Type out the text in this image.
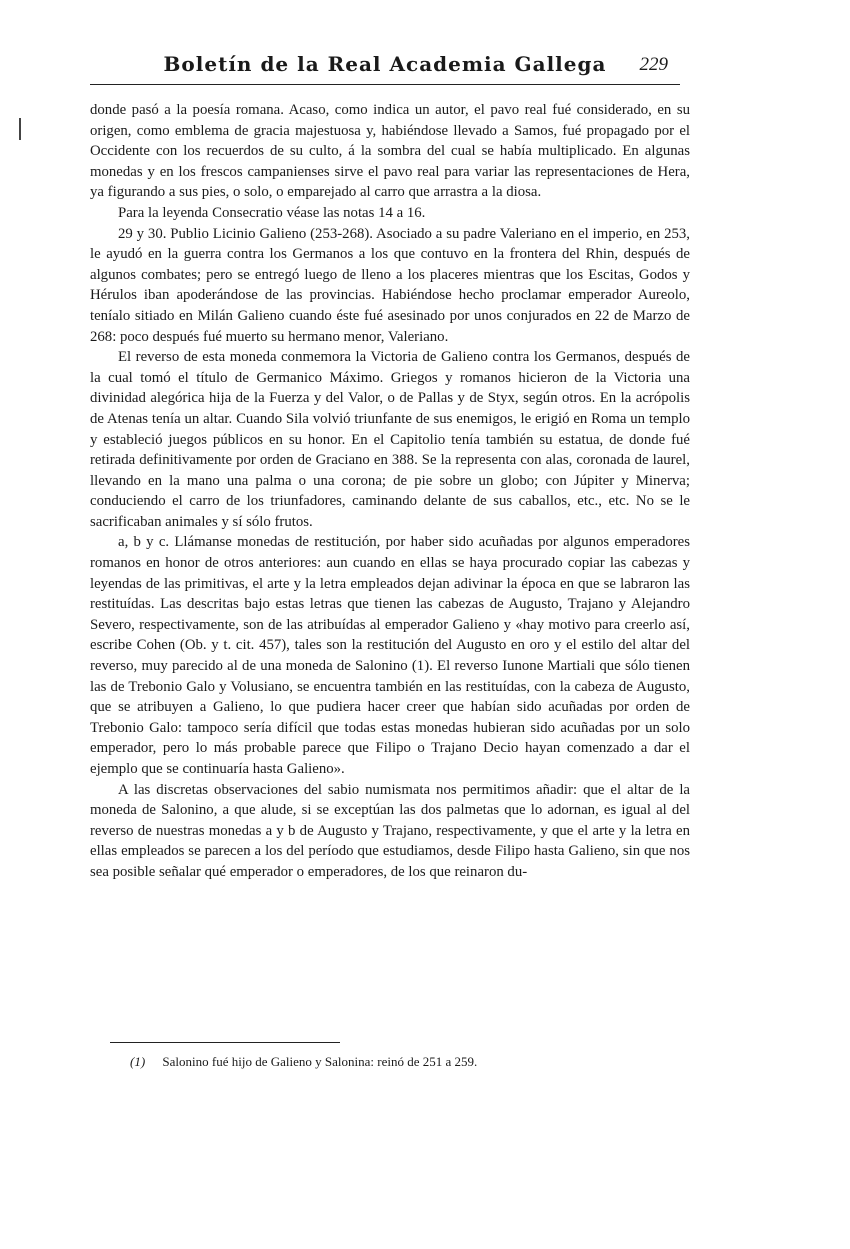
Boletín de la Real Academia Gallega	229

donde pasó a la poesía romana. Acaso, como indica un autor, el pavo real fué considerado, en su origen, como emblema de gracia majestuosa y, habiéndose llevado a Samos, fué propagado por el Occidente con los recuerdos de su culto, á la sombra del cual se había multiplicado. En algunas monedas y en los frescos campanienses sirve el pavo real para variar las representaciones de Hera, ya figurando a sus pies, o solo, o emparejado al carro que arrastra a la diosa.

Para la leyenda Consecratio véase las notas 14 a 16.

29 y 30. Publio Licinio Galieno (253-268). Asociado a su padre Valeriano en el imperio, en 253, le ayudó en la guerra contra los Germanos a los que contuvo en la frontera del Rhin, después de algunos combates; pero se entregó luego de lleno a los placeres mientras que los Escitas, Godos y Hérulos iban apoderándose de las provincias. Habiéndose hecho proclamar emperador Aureolo, teníalo sitiado en Milán Galieno cuando éste fué asesinado por unos conjurados en 22 de Marzo de 268: poco después fué muerto su hermano menor, Valeriano.

El reverso de esta moneda conmemora la Victoria de Galieno contra los Germanos, después de la cual tomó el título de Germanico Máximo. Griegos y romanos hicieron de la Victoria una divinidad alegórica hija de la Fuerza y del Valor, o de Pallas y de Styx, según otros. En la acrópolis de Atenas tenía un altar. Cuando Sila volvió triunfante de sus enemigos, le erigió en Roma un templo y estableció juegos públicos en su honor. En el Capitolio tenía también su estatua, de donde fué retirada definitivamente por orden de Graciano en 388. Se la representa con alas, coronada de laurel, llevando en la mano una palma o una corona; de pie sobre un globo; con Júpiter y Minerva; conduciendo el carro de los triunfadores, caminando delante de sus caballos, etc., etc. No se le sacrificaban animales y sí sólo frutos.

a, b y c. Llámanse monedas de restitución, por haber sido acuñadas por algunos emperadores romanos en honor de otros anteriores: aun cuando en ellas se haya procurado copiar las cabezas y leyendas de las primitivas, el arte y la letra empleados dejan adivinar la época en que se labraron las restituídas. Las descritas bajo estas letras que tienen las cabezas de Augusto, Trajano y Alejandro Severo, respectivamente, son de las atribuídas al emperador Galieno y «hay motivo para creerlo así, escribe Cohen (Ob. y t. cit. 457), tales son la restitución del Augusto en oro y el estilo del altar del reverso, muy parecido al de una moneda de Salonino (1). El reverso Iunone Martiali que sólo tienen las de Trebonio Galo y Volusiano, se encuentra también en las restituídas, con la cabeza de Augusto, que se atribuyen a Galieno, lo que pudiera hacer creer que habían sido acuñadas por orden de Trebonio Galo: tampoco sería difícil que todas estas monedas hubieran sido acuñadas por un solo emperador, pero lo más probable parece que Filipo o Trajano Decio hayan comenzado a dar el ejemplo que se continuaría hasta Galieno».

A las discretas observaciones del sabio numismata nos permitimos añadir: que el altar de la moneda de Salonino, a que alude, si se exceptúan las dos palmetas que lo adornan, es igual al del reverso de nuestras monedas a y b de Augusto y Trajano, respectivamente, y que el arte y la letra en ellas empleados se parecen a los del período que estudiamos, desde Filipo hasta Galieno, sin que nos sea posible señalar qué emperador o emperadores, de los que reinaron du-

(1) Salonino fué hijo de Galieno y Salonina: reinó de 251 a 259.
